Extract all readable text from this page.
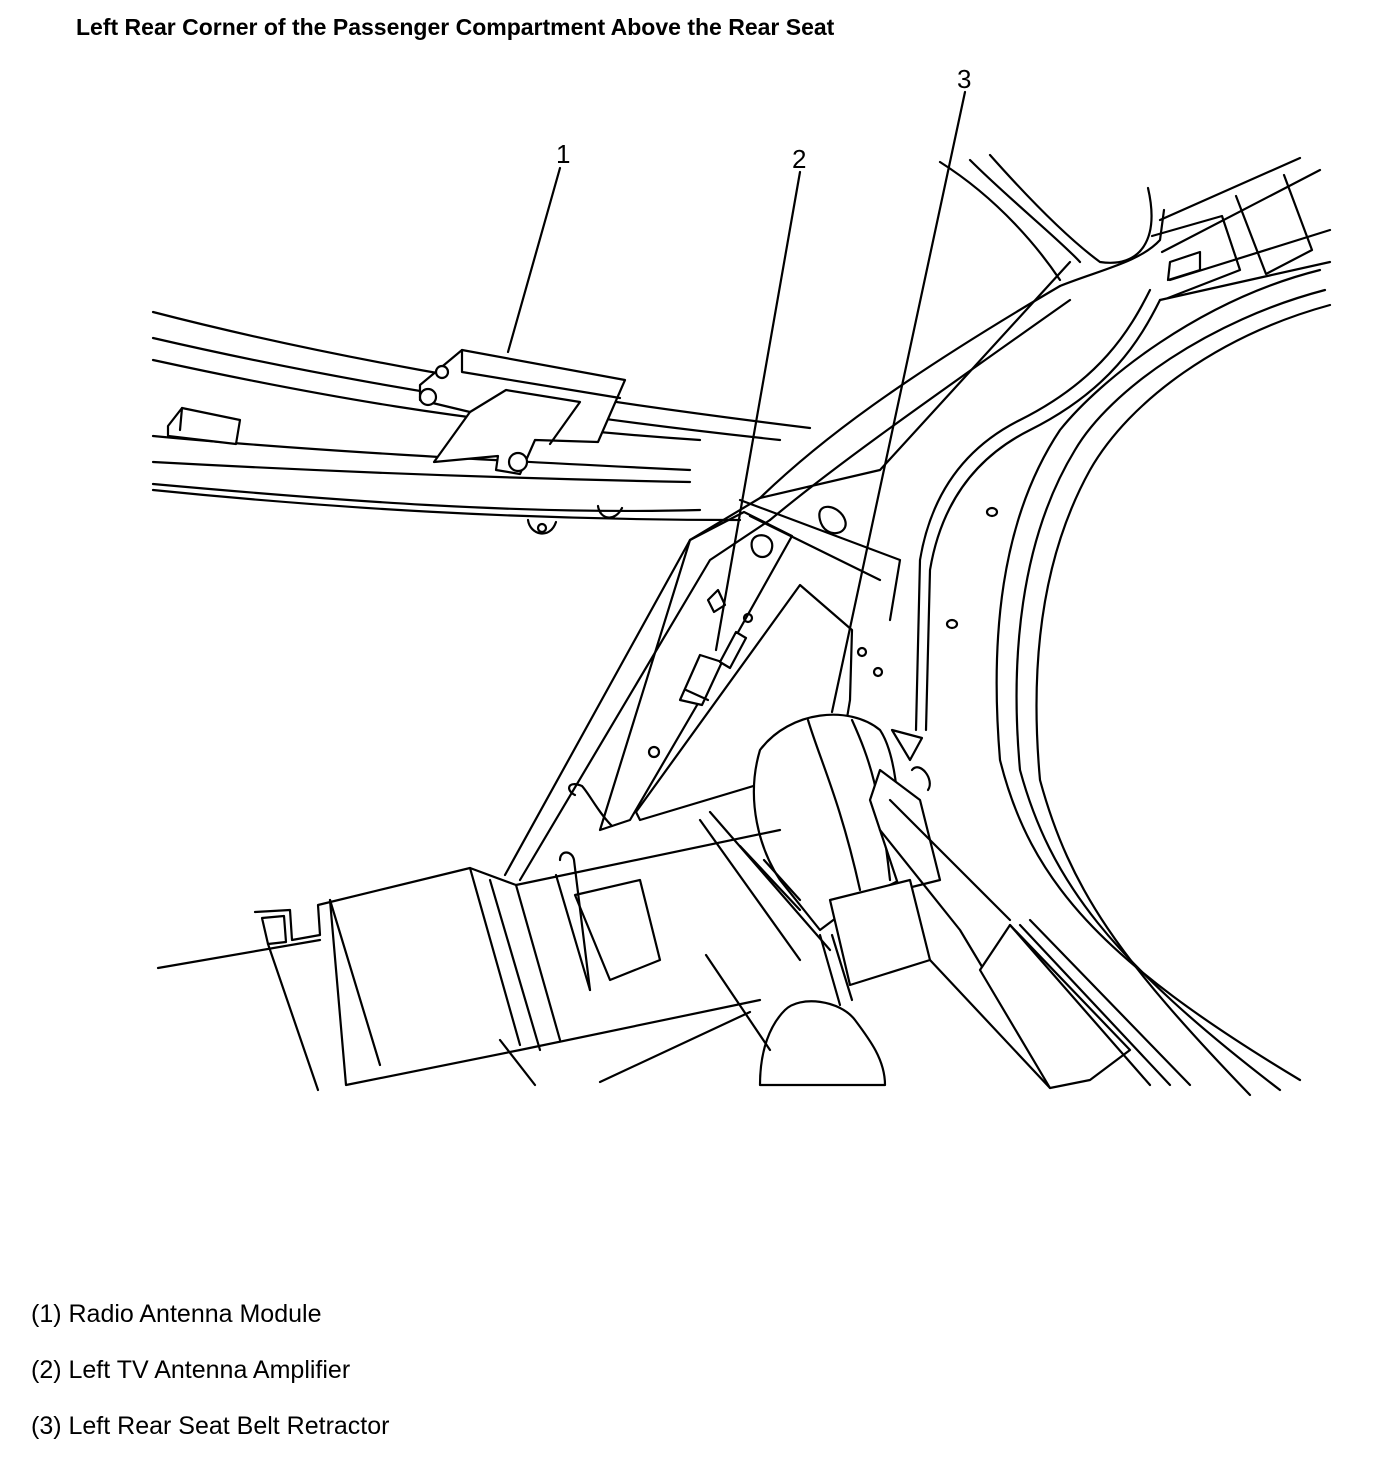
Left Rear Corner of the Passenger Compartment Above the Rear Seat
1	2
3
(1) Radio Antenna Module
(2) Left TV Antenna Amplifier
(3) Left Rear Seat Belt Retractor
